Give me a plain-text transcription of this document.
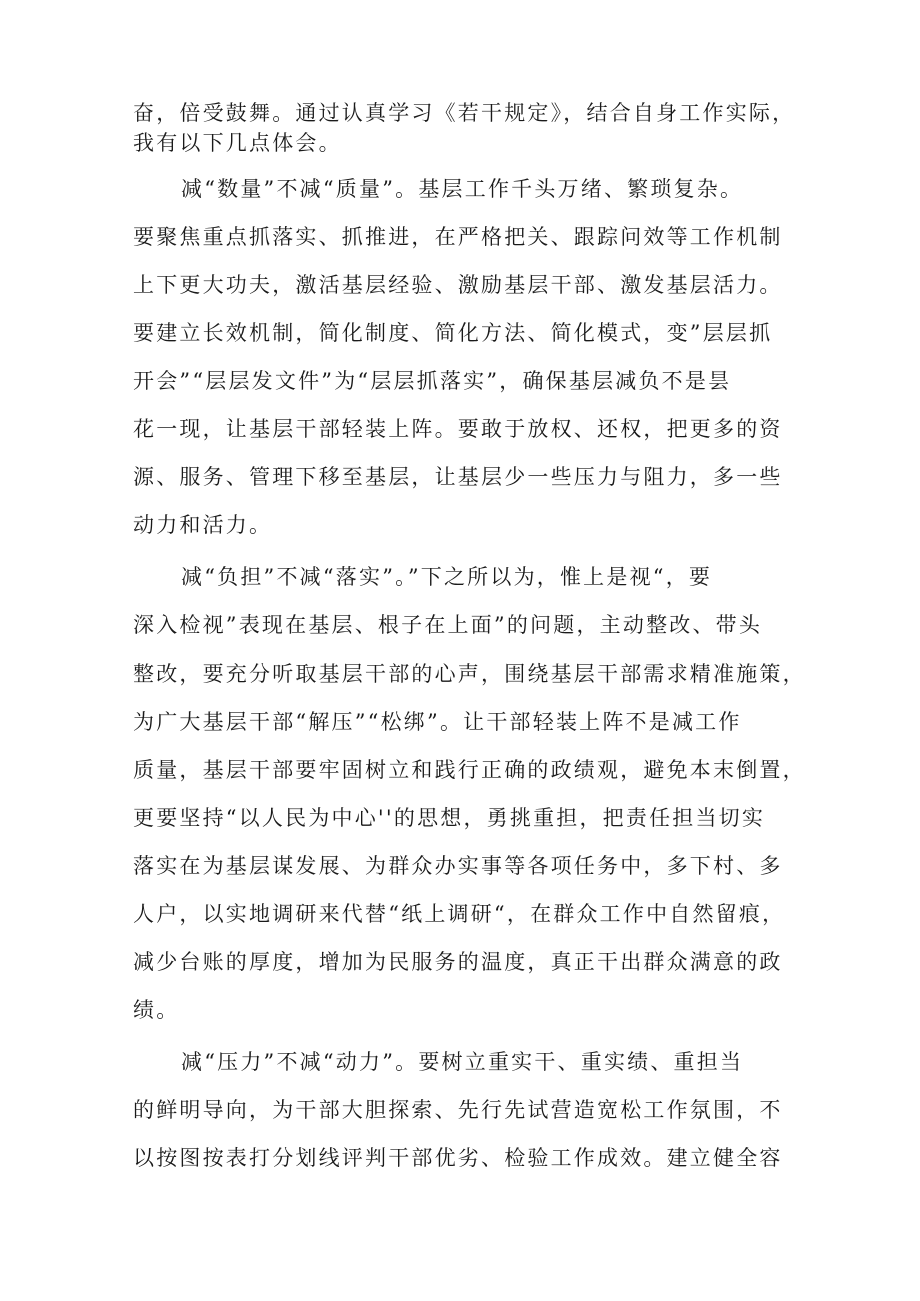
奋，倍受鼓舞。通过认真学习《若干规定》，结合自身工作实际，
我有以下几点体会。
减“数量”不减“质量”。基层工作千头万绪、繁琐复杂。
要聚焦重点抓落实、抓推进，在严格把关、跟踪问效等工作机制
上下更大功夫，激活基层经验、激励基层干部、激发基层活力。
要建立长效机制，简化制度、简化方法、简化模式，变”层层抓
开会”“层层发文件”为“层层抓落实”，确保基层减负不是昙
花一现，让基层干部轻装上阵。要敢于放权、还权，把更多的资
源、服务、管理下移至基层，让基层少一些压力与阻力，多一些
动力和活力。
减“负担”不减“落实”。”下之所以为，惟上是视“，要
深入检视”表现在基层、根子在上面”的问题，主动整改、带头
整改，要充分听取基层干部的心声，围绕基层干部需求精准施策，
为广大基层干部“解压”“松绑”。让干部轻装上阵不是减工作
质量，基层干部要牢固树立和践行正确的政绩观，避免本末倒置，
更要坚持“以人民为中心''的思想，勇挑重担，把责任担当切实
落实在为基层谋发展、为群众办实事等各项任务中，多下村、多
人户，以实地调研来代替“纸上调研“，在群众工作中自然留痕，
减少台账的厚度，增加为民服务的温度，真正干出群众满意的政
绩。
减“压力”不减“动力”。要树立重实干、重实绩、重担当
的鲜明导向，为干部大胆探索、先行先试营造宽松工作氛围，不
以按图按表打分划线评判干部优劣、检验工作成效。建立健全容
